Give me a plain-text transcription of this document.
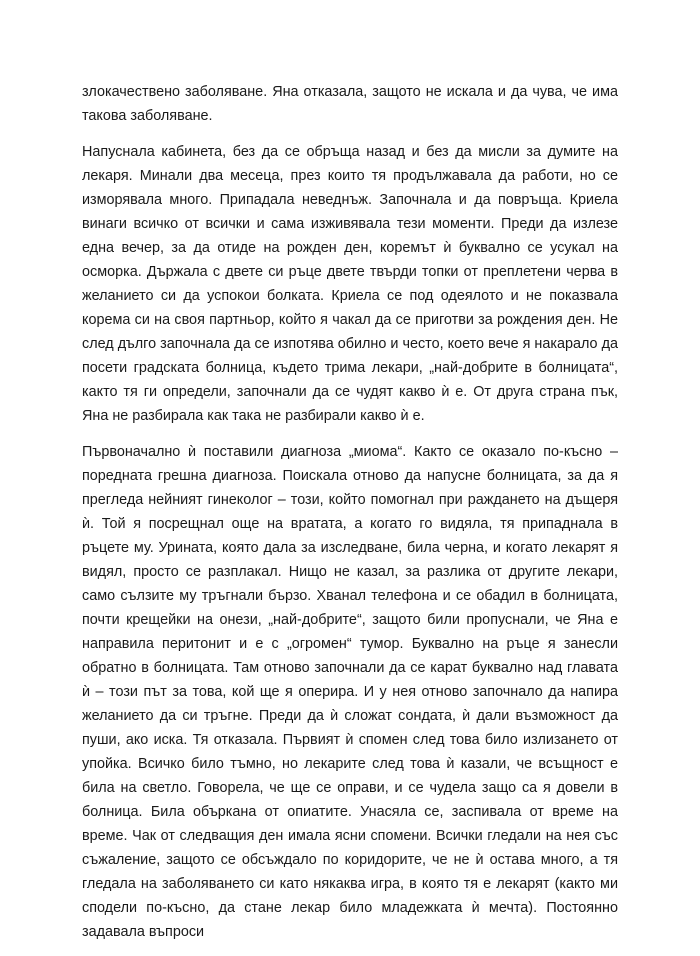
злокачествено заболяване. Яна отказала, защото не искала и да чува, че има такова заболяване.

Напуснала кабинета, без да се обръща назад и без да мисли за думите на лекаря. Минали два месеца, през които тя продължавала да работи, но се изморявала много. Припадала неведнъж. Започнала и да повръща. Криела винаги всичко от всички и сама изживявала тези моменти. Преди да излезе една вечер, за да отиде на рожден ден, коремът ѝ буквално се усукал на осморка. Държала с двете си ръце двете твърди топки от преплетени черва в желанието си да успокои болката. Криела се под одеялото и не показвала корема си на своя партньор, който я чакал да се приготви за рождения ден. Не след дълго започнала да се изпотява обилно и често, което вече я накарало да посети градската болница, където трима лекари, „най-добрите в болницата“, както тя ги определи, започнали да се чудят какво ѝ е. От друга страна пък, Яна не разбирала как така не разбирали какво ѝ е.

Първоначално ѝ поставили диагноза „миома“. Както се оказало по-късно – поредната грешна диагноза. Поискала отново да напусне болницата, за да я прегледа нейният гинеколог – този, който помогнал при раждането на дъщеря ѝ. Той я посрещнал още на вратата, а когато го видяла, тя припаднала в ръцете му. Урината, която дала за изследване, била черна, и когато лекарят я видял, просто се разплакал. Нищо не казал, за разлика от другите лекари, само сълзите му тръгнали бързо. Хванал телефона и се обадил в болницата, почти крещейки на онези, „най-добрите“, защото били пропуснали, че Яна е направила перитонит и е с „огромен“ тумор. Буквално на ръце я занесли обратно в болницата. Там отново започнали да се карат буквално над главата ѝ – този път за това, кой ще я оперира. И у нея отново започнало да напира желанието да си тръгне. Преди да ѝ сложат сондата, ѝ дали възможност да пуши, ако иска. Тя отказала. Първият ѝ спомен след това било излизането от упойка. Всичко било тъмно, но лекарите след това ѝ казали, че всъщност е била на светло. Говорела, че ще се оправи, и се чудела защо са я довели в болница. Била объркана от опиатите. Унасяла се, заспивала от време на време. Чак от следващия ден имала ясни спомени. Всички гледали на нея със съжаление, защото се обсъждало по коридорите, че не ѝ остава много, а тя гледала на заболяването си като някаква игра, в която тя е лекарят (както ми сподели по-късно, да стане лекар било младежката ѝ мечта). Постоянно задавала въпроси
